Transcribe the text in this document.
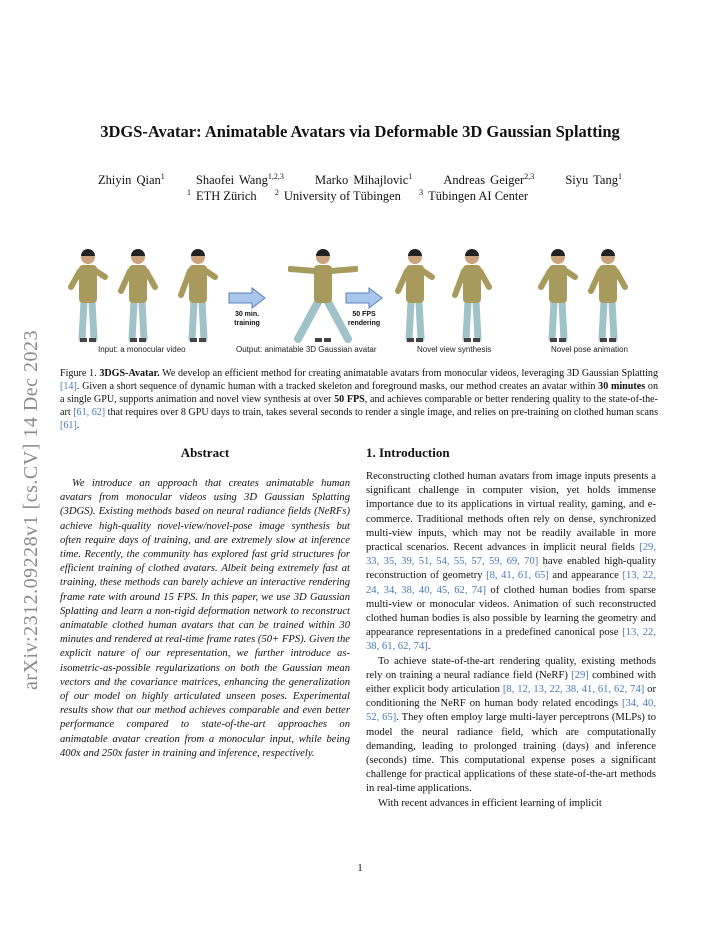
arXiv:2312.09228v1 [cs.CV] 14 Dec 2023
3DGS-Avatar: Animatable Avatars via Deformable 3D Gaussian Splatting
Zhiyin Qian$^1$ Shaofei Wang$^{1,2,3}$ Marko Mihajlovic$^1$ Andreas Geiger$^{2,3}$ Siyu Tang$^1$
$^1$ ETH Zürich $^2$ University of Tübingen $^3$ Tübingen AI Center
30 min.
training
50 FPS
rendering
Input: a monocular video	Output: animatable 3D Gaussian avatar	Novel view synthesis	Novel pose animation
Figure 1. 3DGS-Avatar. We develop an efficient method for creating animatable avatars from monocular videos, leveraging 3D Gaussian Splatting [14]. Given a short sequence of dynamic human with a tracked skeleton and foreground masks, our method creates an avatar within 30 minutes on a single GPU, supports animation and novel view synthesis at over 50 FPS, and achieves comparable or better rendering quality to the state-of-the-art [61, 62] that requires over 8 GPU days to train, takes several seconds to render a single image, and relies on pre-training on clothed human scans [61].
Abstract
We introduce an approach that creates animatable human avatars from monocular videos using 3D Gaussian Splatting (3DGS). Existing methods based on neural radiance fields (NeRFs) achieve high-quality novel-view/novel-pose image synthesis but often require days of training, and are extremely slow at inference time. Recently, the community has explored fast grid structures for efficient training of clothed avatars. Albeit being extremely fast at training, these methods can barely achieve an interactive rendering frame rate with around 15 FPS. In this paper, we use 3D Gaussian Splatting and learn a non-rigid deformation network to reconstruct animatable clothed human avatars that can be trained within 30 minutes and rendered at real-time frame rates (50+ FPS). Given the explicit nature of our representation, we further introduce as-isometric-as-possible regularizations on both the Gaussian mean vectors and the covariance matrices, enhancing the generalization of our model on highly articulated unseen poses. Experimental results show that our method achieves comparable and even better performance compared to state-of-the-art approaches on animatable avatar creation from a monocular input, while being 400x and 250x faster in training and inference, respectively.
1. Introduction

Reconstructing clothed human avatars from image inputs presents a significant challenge in computer vision, yet holds immense importance due to its applications in virtual reality, gaming, and e-commerce. Traditional methods often rely on dense, synchronized multi-view inputs, which may not be readily available in more practical scenarios. Recent advances in implicit neural fields [29, 33, 35, 39, 51, 54, 55, 57, 59, 69, 70] have enabled high-quality reconstruction of geometry [8, 41, 61, 65] and appearance [13, 22, 24, 34, 38, 40, 45, 62, 74] of clothed human bodies from sparse multi-view or monocular videos. Animation of such reconstructed clothed human bodies is also possible by learning the geometry and appearance representations in a predefined canonical pose [13, 22, 38, 61, 62, 74].

To achieve state-of-the-art rendering quality, existing methods rely on training a neural radiance field (NeRF) [29] combined with either explicit body articulation [8, 12, 13, 22, 38, 41, 61, 62, 74] or conditioning the NeRF on human body related encodings [34, 40, 52, 65]. They often employ large multi-layer perceptrons (MLPs) to model the neural radiance field, which are computationally demanding, leading to prolonged training (days) and inference (seconds) time. This computational expense poses a significant challenge for practical applications of these state-of-the-art methods in real-time applications.

With recent advances in efficient learning of implicit

1
